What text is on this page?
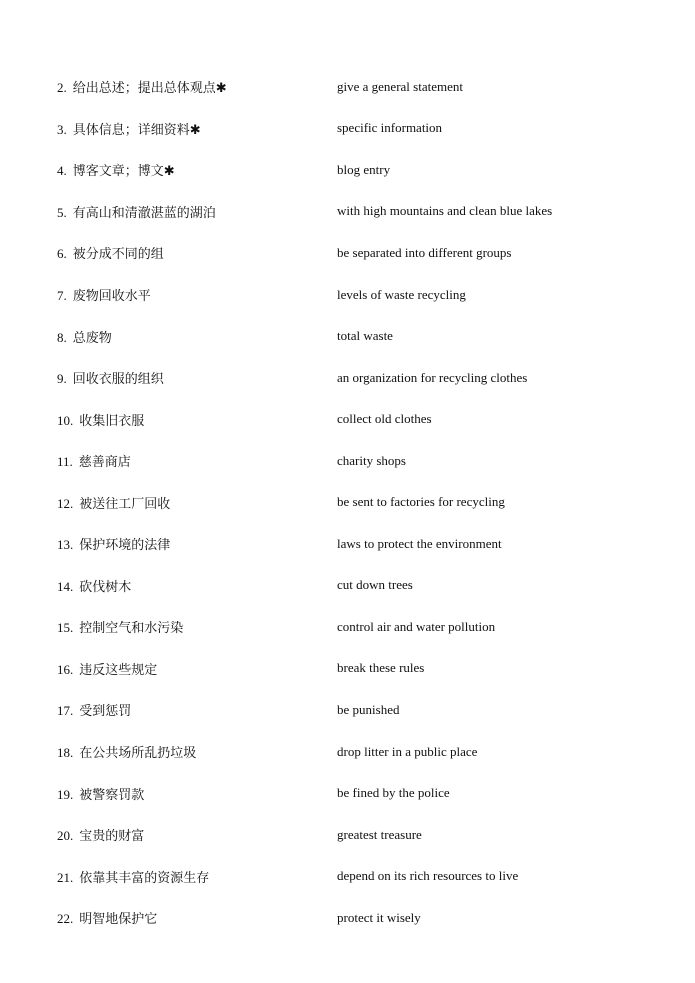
2. 给出总述；提出总体观点✱	give a general statement
3. 具体信息；详细资料✱	specific information
4. 博客文章；博文✱	blog entry
5. 有高山和清澈湛蓝的湖泊	with high mountains and clean blue lakes
6. 被分成不同的组	be separated into different groups
7. 废物回收水平	levels of waste recycling
8. 总废物	total waste
9. 回收衣服的组织	an organization for recycling clothes
10. 收集旧衣服	collect old clothes
11. 慈善商店	charity shops
12. 被送往工厂回收	be sent to factories for recycling
13. 保护环境的法律	laws to protect the environment
14. 砍伐树木	cut down trees
15. 控制空气和水污染	control air and water pollution
16. 违反这些规定	break these rules
17. 受到惩罚	be punished
18. 在公共场所乱扔垃圾	drop litter in a public place
19. 被警察罚款	be fined by the police
20. 宝贵的财富	greatest treasure
21. 依靠其丰富的资源生存	depend on its rich resources to live
22. 明智地保护它	protect it wisely
